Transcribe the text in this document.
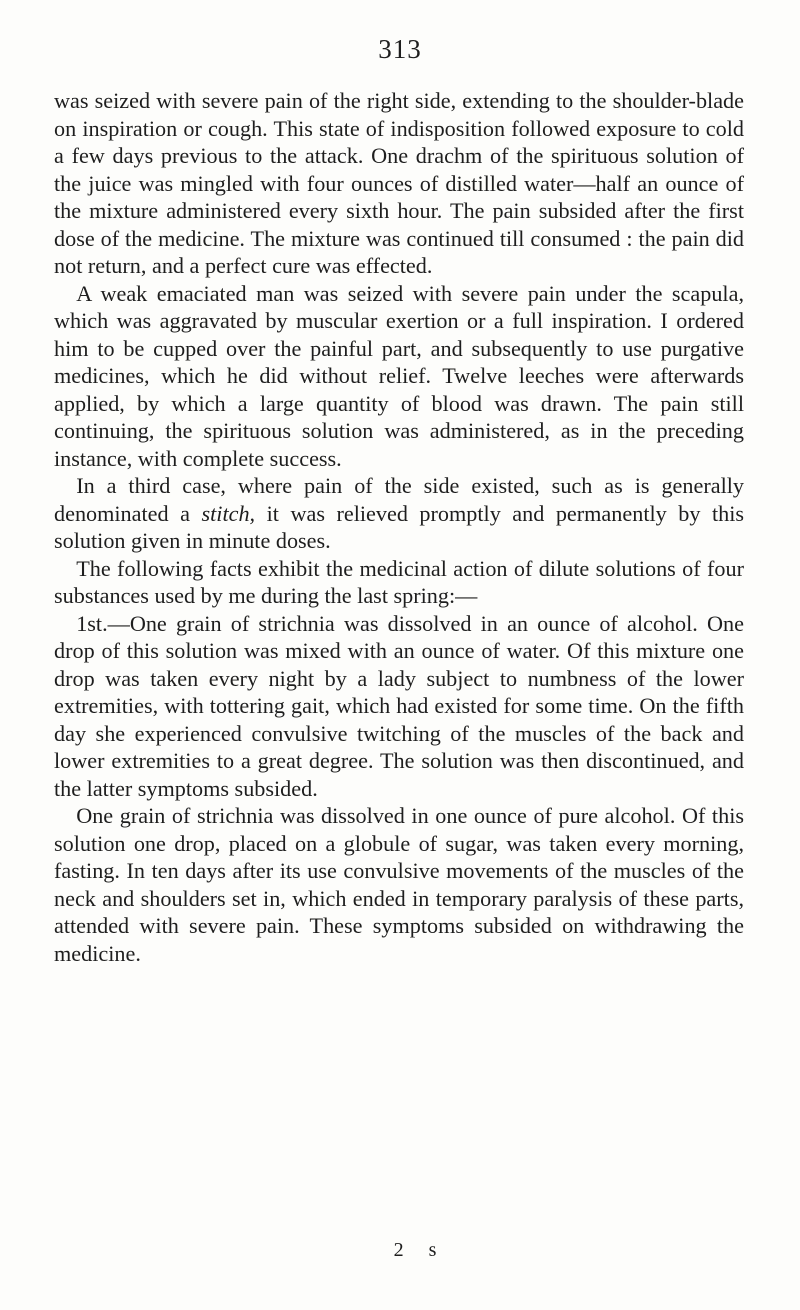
313

was seized with severe pain of the right side, extending to the shoulder-blade on inspiration or cough. This state of indisposition followed exposure to cold a few days previous to the attack. One drachm of the spirituous solution of the juice was mingled with four ounces of distilled water—half an ounce of the mixture administered every sixth hour. The pain subsided after the first dose of the medicine. The mixture was continued till consumed : the pain did not return, and a perfect cure was effected.

A weak emaciated man was seized with severe pain under the scapula, which was aggravated by muscular exertion or a full inspiration. I ordered him to be cupped over the painful part, and subsequently to use purgative medicines, which he did without relief. Twelve leeches were afterwards applied, by which a large quantity of blood was drawn. The pain still continuing, the spirituous solution was administered, as in the preceding instance, with complete success.

In a third case, where pain of the side existed, such as is generally denominated a stitch, it was relieved promptly and permanently by this solution given in minute doses.

The following facts exhibit the medicinal action of dilute solutions of four substances used by me during the last spring:—

1st.—One grain of strichnia was dissolved in an ounce of alcohol. One drop of this solution was mixed with an ounce of water. Of this mixture one drop was taken every night by a lady subject to numbness of the lower extremities, with tottering gait, which had existed for some time. On the fifth day she experienced convulsive twitching of the muscles of the back and lower extremities to a great degree. The solution was then discontinued, and the latter symptoms subsided.

One grain of strichnia was dissolved in one ounce of pure alcohol. Of this solution one drop, placed on a globule of sugar, was taken every morning, fasting. In ten days after its use convulsive movements of the muscles of the neck and shoulders set in, which ended in temporary paralysis of these parts, attended with severe pain. These symptoms subsided on withdrawing the medicine.

2 s
